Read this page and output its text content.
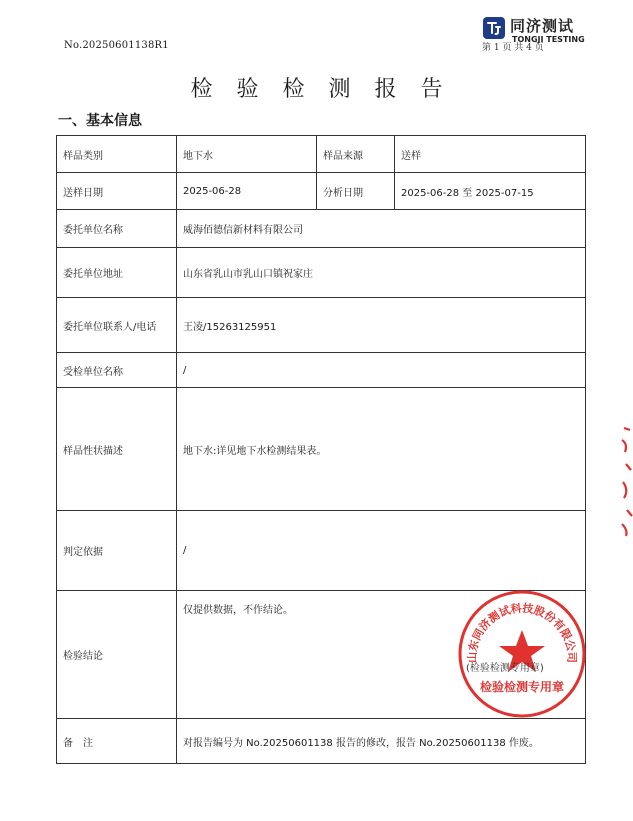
No.20250601138R1
同济测试
TONGJI TESTING
第 1 页 共 4 页
检验检测报告
一、基本信息
样品类别	地下水	样品来源	送样
送样日期	2025-06-28	分析日期	2025-06-28 至 2025-07-15
委托单位名称	威海佰德信新材料有限公司		
委托单位地址	山东省乳山市乳山口镇祝家庄		
委托单位联系人/电话	王凌/15263125951		
受检单位名称	/		
样品性状描述	地下水:详见地下水检测结果表。		
判定依据	/		
检验结论	仅提供数据，不作结论。		
备　注	对报告编号为 No.20250601138 报告的修改，报告 No.20250601138 作废。		
山东同济测试科技股份有限公司
检验检测专用章
(检验检测专用章)
